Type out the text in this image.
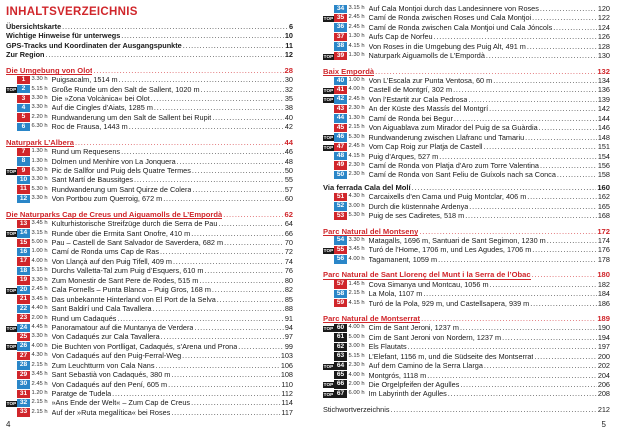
INHALTSVERZEICHNIS
Übersichtskarte .....	6
Wichtige Hinweise für unterwegs .....	10
GPS-Tracks und Koordinaten der Ausgangspunkte .....	11
Zur Region .....	12
Die Umgebung von Olot .....	28
1	3.30 h Puigsacalm, 1514 m .....	30
TOP
2	5.15 h Große Runde um den Salt de Sallent, 1020 m .....	32
3	3.30 h Die »Zona Volcànica« bei Olot .....	35
4	3.30 h Auf die Cingles d’Aiats, 1285 m .....	38
5	2.20 h Rundwanderung um den Salt de Sallent bei Rupit .....	40
6	6.30 h Roc de Frausa, 1443 m .....	42
Naturpark L’Albera .....	44
7	1.30 h Rund um Requesens .....	46
8	1.30 h Dolmen und Menhire von La Jonquera .....	48
TOP
9	6.30 h Pic de Sallfor und Puig dels Quatre Termes .....	50
10 3.30 h Sant Martí de Baussitges .....	55
11 5.30 h Rundwanderung um Sant Quirze de Colera .....	57
12 3.30 h Von Portbou zum Querroig, 672 m .....	60
Die Naturparks Cap de Creus und Aiguamolls de L’Empordà .....	62
13 3.45 h Kulturhistorische Streifzüge durch die Serra de Pau .....	64
TOP
14 3.15 h Runde über die Ermita Sant Onofre, 410 m .....	66
15 5.00 h Pau – Castell de Sant Salvador de Saverdera, 682 m .....	70
16 1.00 h Camí de Ronda ums Cap de Ras .....	72
17 4.00 h Von Llançà auf den Puig Tifell, 409 m .....	74
18 5.15 h Durchs Valletta-Tal zum Puig d’Esquers, 610 m .....	76
19 3.30 h Zum Monestir de Sant Pere de Rodes, 515 m .....	80
TOP
20 2.45 h Cala Fornells – Punta Blanca – Puig Gros, 168 m .....	82
21 3.45 h Das unbekannte Hinterland von El Port de la Selva .....	85
22 4.40 h Sant Baldirí und Cala Tavallera .....	88
23 2.00 h Rund um Cadaqués .....	91
TOP
24 4.45 h Panoramatour auf die Muntanya de Verdera .....	94
25 3.30 h Von Cadaqués zur Cala Tavallera .....	97
TOP
26 4.00 h Die Buchten von Portlligat, Cadaqués, s’Arena und Prona .....	99
27 4.30 h Von Cadaqués auf den Puig-Ferral-Weg .....	103
28 2.15 h Zum Leuchtturm von Cala Nans .....	106
29 3.45 h Sant Sebastià von Cadaqués, 380 m .....	108
30 2.45 h Von Cadaqués auf den Pení, 605 m .....	110
31 1.20 h Paratge de Tudela .....	112
TOP
32 2.15 h »Ans Ende der Welt« – Zum Cap de Creus .....	114
33 2.15 h Auf der »Ruta megalítica« bei Roses .....	117
4
34 3.15 h Auf Cala Montjoi durch das Landesinnere von Roses .....	120
TOP
35 2.45 h Camí de Ronda zwischen Roses und Cala Montjoi .....	122
36 2.45 h Camí de Ronda zwischen Cala Montjoi und Cala Jóncols .....	124
37 1.30 h Aufs Cap de Norfeu .....	126
38 4.15 h Von Roses in die Umgebung des Puig Alt, 491 m .....	128
TOP
39 1.30 h Naturpark Aiguamolls de L’Empordà .....	130
Baix Empordà .....	132
40 1.00 h Von L’Escala zur Punta Ventosa, 60 m .....	134
TOP
41 4.00 h Castell de Montgrí, 302 m .....	136
TOP
42 2.45 h Von l’Estartit zur Cala Pedrosa .....	139
43 2.30 h An der Küste des Massís del Montgrí .....	142
44 1.30 h Camí de Ronda bei Begur .....	144
45 2.15 h Von Aiguablava zum Mirador del Puig de sa Guàrdia .....	146
TOP
46 5.30 h Rundwanderung zwischen Llafranc und Tamariu .....	148
TOP
47 2.45 h Vom Cap Roig zur Platja de Castell .....	151
48 4.15 h Puig d’Arques, 527 m .....	154
49 2.30 h Camí de Ronda von Platja d’Aro zum Torre Valentina .....	156
50 2.30 h Camí de Ronda von Sant Feliu de Guíxols nach sa Conca .....	158
Via ferrada Cala del Molí .....	160
51 4.30 h Carcaixells d’en Cama und Puig Montclar, 406 m .....	162
52 3.00 h Durch die küstennahe Ardenya .....	165
53 5.30 h Puig de ses Cadiretes, 518 m .....	168
Parc Natural del Montseny .....	172
54 3.30 h Matagalls, 1696 m, Santuari de Sant Segimon, 1230 m .....	174
TOP
55 3.45 h Turó de l’Home, 1706 m, und Les Agudes, 1706 m .....	176
56 4.00 h Tagamanent, 1059 m .....	178
Parc Natural de Sant Llorenç del Munt i la Serra de l’Obac .....	180
57 1.45 h Cova Simanya und Montcau, 1056 m .....	182
58 2.15 h La Mola, 1107 m .....	184
59 4.15 h Turó de la Pola, 929 m, und Castellsapera, 939 m .....	186
Parc Natural de Montserrat .....	189
TOP
60 4.00 h Cim de Sant Jeroni, 1237 m .....	190
61 5.00 h Cim de Sant Jeroni von Nordern, 1237 m .....	194
62 3.00 h Els Flautats .....	197
63 5.15 h L’Elefant, 1156 m, und die Südseite des Montserrat .....	200
TOP
64 2.30 h Auf dem Camino de la Serra Llarga .....	202
65 4.00 h Montgrós, 1118 m .....	204
TOP
66 2.00 h Die Orgelpfeifen der Agulles .....	206
TOP
67 6.00 h Im Labyrinth der Agulles .....	208
Stichwortverzeichnis .....	212
5
